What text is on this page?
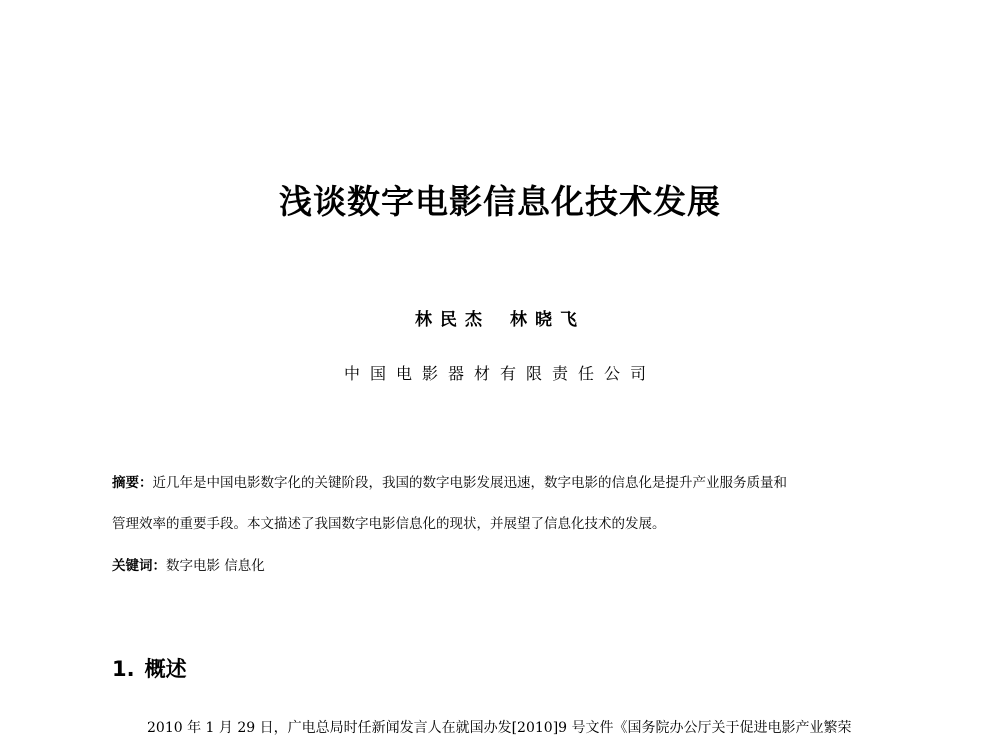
浅谈数字电影信息化技术发展
林民杰 林晓飞
中国电影器材有限责任公司
摘要：近几年是中国电影数字化的关键阶段，我国的数字电影发展迅速，数字电影的信息化是提升产业服务质量和
管理效率的重要手段。本文描述了我国数字电影信息化的现状，并展望了信息化技术的发展。
关键词：数字电影 信息化
1. 概述
2010 年 1 月 29 日，广电总局时任新闻发言人在就国办发[2010]9 号文件《国务院办公厅关于促进电影产业繁荣
